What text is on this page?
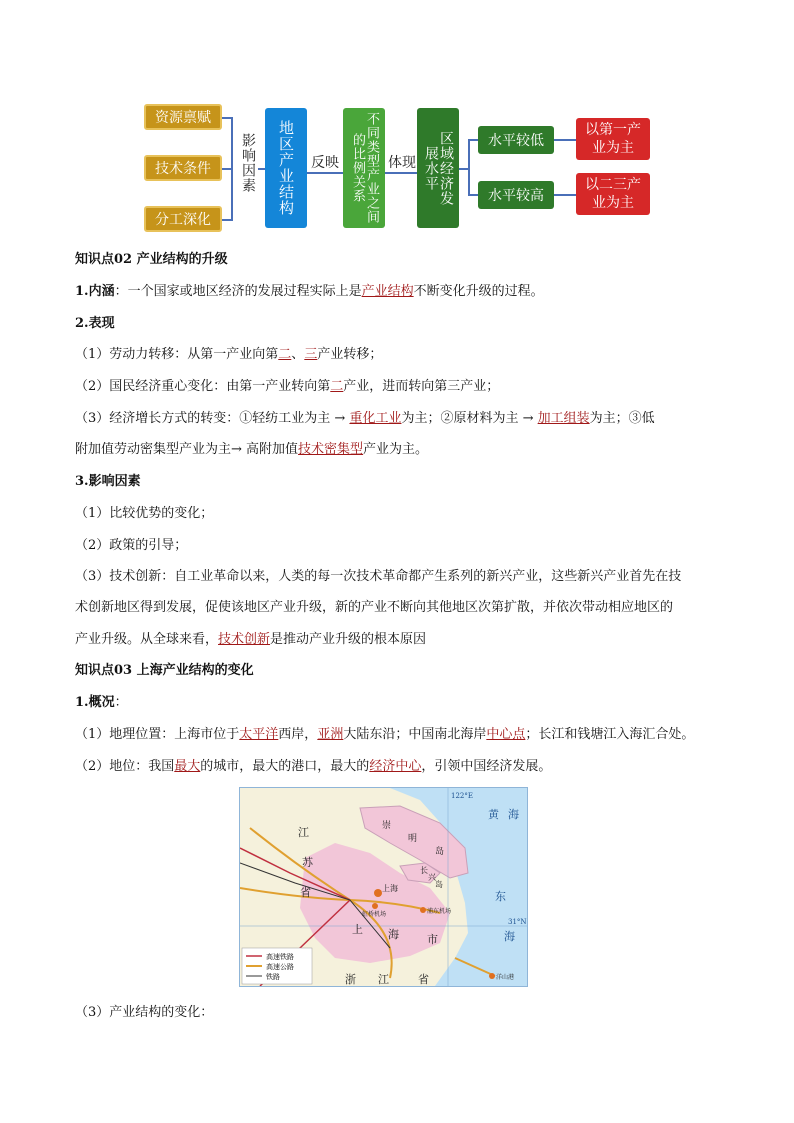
资源禀赋
技术条件
分工深化
影响因素 地区产业结构 反映	不同类型产业之间的比例关系	体现	区域经济发展水平
水平较低
水平较高
以第一产业为主
以二三产业为主
知识点02 产业结构的升级
1.内涵：一个国家或地区经济的发展过程实际上是产业结构不断变化升级的过程。
2.表现
（1）劳动力转移：从第一产业向第二、三产业转移；
（2）国民经济重心变化：由第一产业转向第二产业，进而转向第三产业；
（3）经济增长方式的转变：①轻纺工业为主 → 重化工业为主；②原材料为主 → 加工组装为主；③低
附加值劳动密集型产业为主→ 高附加值技术密集型产业为主。
3.影响因素
（1）比较优势的变化；
（2）政策的引导；
（3）技术创新：自工业革命以来，人类的每一次技术革命都产生系列的新兴产业，这些新兴产业首先在技
术创新地区得到发展，促使该地区产业升级，新的产业不断向其他地区次第扩散，并依次带动相应地区的
产业升级。从全球来看，技术创新是推动产业升级的根本原因
知识点03 上海产业结构的变化
1.概况：
（1）地理位置：上海市位于太平洋西岸，亚洲大陆东沿；中国南北海岸中心点；长江和钱塘江入海汇合处。
（2）地位：我国最大的城市，最大的港口，最大的经济中心，引领中国经济发展。
江
苏
省
浙 江	省
上 海	市
崇
明
岛
长
兴
岛
黄 海
东
海
122°E
31°N
上海
虹桥机场	浦东机场
洋山港
高速铁路
高速公路
铁路
（3）产业结构的变化：
